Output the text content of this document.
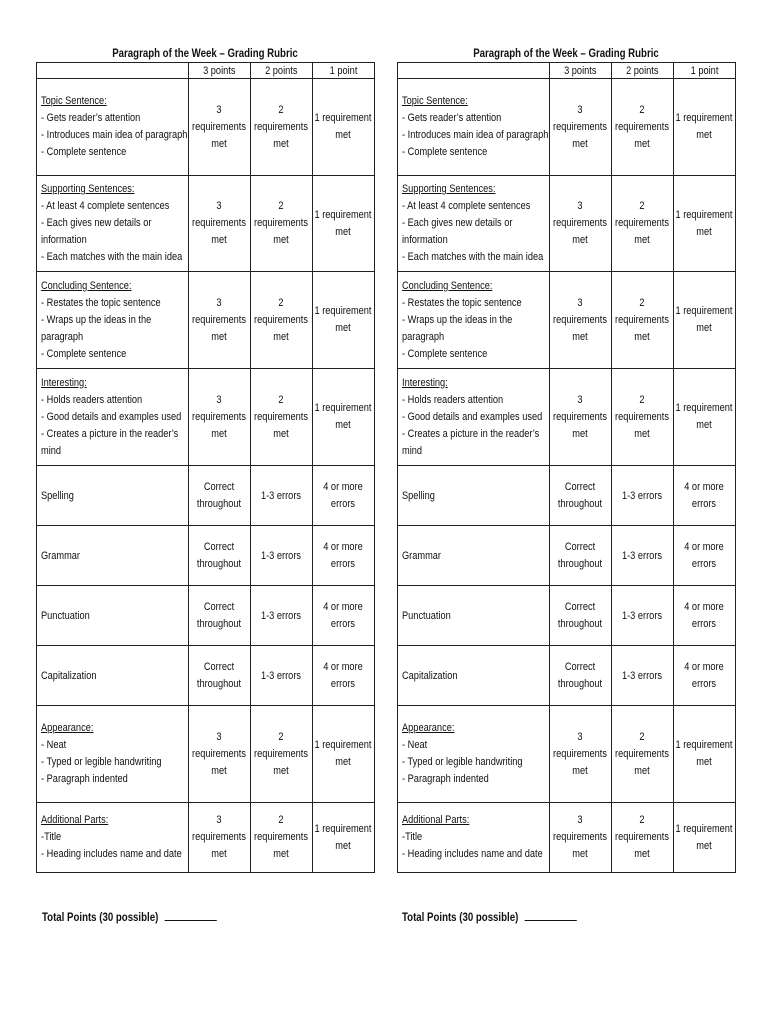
Paragraph of the Week – Grading Rubric
	3 points	2 points	1 point

Topic Sentence:
- Gets reader’s attention
- Introduces main idea of paragraph
- Complete sentence	3 requirements met	2 requirements met	1 requirement met

Supporting Sentences:
- At least 4 complete sentences
- Each gives new details or information
- Each matches with the main idea	3 requirements met	2 requirements met	1 requirement met

Concluding Sentence:
- Restates the topic sentence
- Wraps up the ideas in the paragraph
- Complete sentence	3 requirements met	2 requirements met	1 requirement met

Interesting:
- Holds readers attention
- Good details and examples used
- Creates a picture in the reader’s mind	3 requirements met	2 requirements met	1 requirement met

Spelling	Correct throughout	1-3 errors	4 or more errors

Grammar	Correct throughout	1-3 errors	4 or more errors

Punctuation	Correct throughout	1-3 errors	4 or more errors

Capitalization	Correct throughout	1-3 errors	4 or more errors

Appearance:
- Neat
- Typed or legible handwriting
- Paragraph indented	3 requirements met	2 requirements met	1 requirement met

Additional Parts:
-Title
- Heading includes name and date	3 requirements met	2 requirements met	1 requirement met
Total Points (30 possible)
Paragraph of the Week – Grading Rubric
	3 points	2 points	1 point

Topic Sentence:
- Gets reader’s attention
- Introduces main idea of paragraph
- Complete sentence	3 requirements met	2 requirements met	1 requirement met

Supporting Sentences:
- At least 4 complete sentences
- Each gives new details or information
- Each matches with the main idea	3 requirements met	2 requirements met	1 requirement met

Concluding Sentence:
- Restates the topic sentence
- Wraps up the ideas in the paragraph
- Complete sentence	3 requirements met	2 requirements met	1 requirement met

Interesting:
- Holds readers attention
- Good details and examples used
- Creates a picture in the reader’s mind	3 requirements met	2 requirements met	1 requirement met

Spelling	Correct throughout	1-3 errors	4 or more errors

Grammar	Correct throughout	1-3 errors	4 or more errors

Punctuation	Correct throughout	1-3 errors	4 or more errors

Capitalization	Correct throughout	1-3 errors	4 or more errors

Appearance:
- Neat
- Typed or legible handwriting
- Paragraph indented	3 requirements met	2 requirements met	1 requirement met

Additional Parts:
-Title
- Heading includes name and date	3 requirements met	2 requirements met	1 requirement met
Total Points (30 possible)
